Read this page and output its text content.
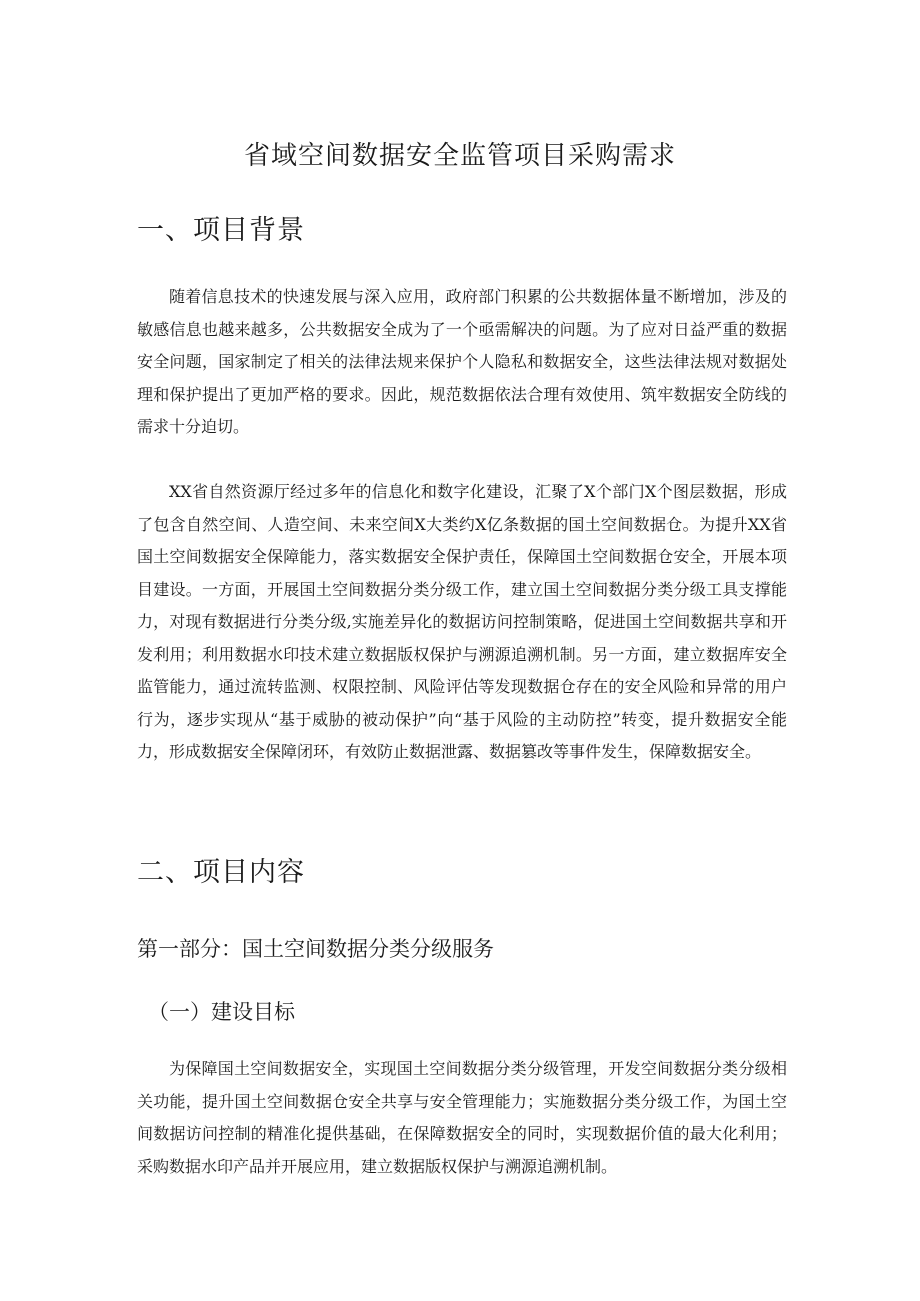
省域空间数据安全监管项目采购需求
一、项目背景

随着信息技术的快速发展与深入应用，政府部门积累的公共数据体量不断增加，涉及的敏感信息也越来越多，公共数据安全成为了一个亟需解决的问题。为了应对日益严重的数据安全问题，国家制定了相关的法律法规来保护个人隐私和数据安全，这些法律法规对数据处理和保护提出了更加严格的要求。因此，规范数据依法合理有效使用、筑牢数据安全防线的需求十分迫切。

XX省自然资源厅经过多年的信息化和数字化建设，汇聚了X个部门X个图层数据，形成了包含自然空间、人造空间、未来空间X大类约X亿条数据的国土空间数据仓。为提升XX省国土空间数据安全保障能力，落实数据安全保护责任，保障国土空间数据仓安全，开展本项目建设。一方面，开展国土空间数据分类分级工作，建立国土空间数据分类分级工具支撑能力，对现有数据进行分类分级,实施差异化的数据访问控制策略，促进国土空间数据共享和开发利用；利用数据水印技术建立数据版权保护与溯源追溯机制。另一方面，建立数据库安全监管能力，通过流转监测、权限控制、风险评估等发现数据仓存在的安全风险和异常的用户行为，逐步实现从“基于威胁的被动保护”向“基于风险的主动防控”转变，提升数据安全能力，形成数据安全保障闭环，有效防止数据泄露、数据篡改等事件发生，保障数据安全。

二、项目内容
第一部分：国土空间数据分类分级服务
（一）建设目标

为保障国土空间数据安全，实现国土空间数据分类分级管理，开发空间数据分类分级相关功能，提升国土空间数据仓安全共享与安全管理能力；实施数据分类分级工作，为国土空间数据访问控制的精准化提供基础，在保障数据安全的同时，实现数据价值的最大化利用；采购数据水印产品并开展应用，建立数据版权保护与溯源追溯机制。
